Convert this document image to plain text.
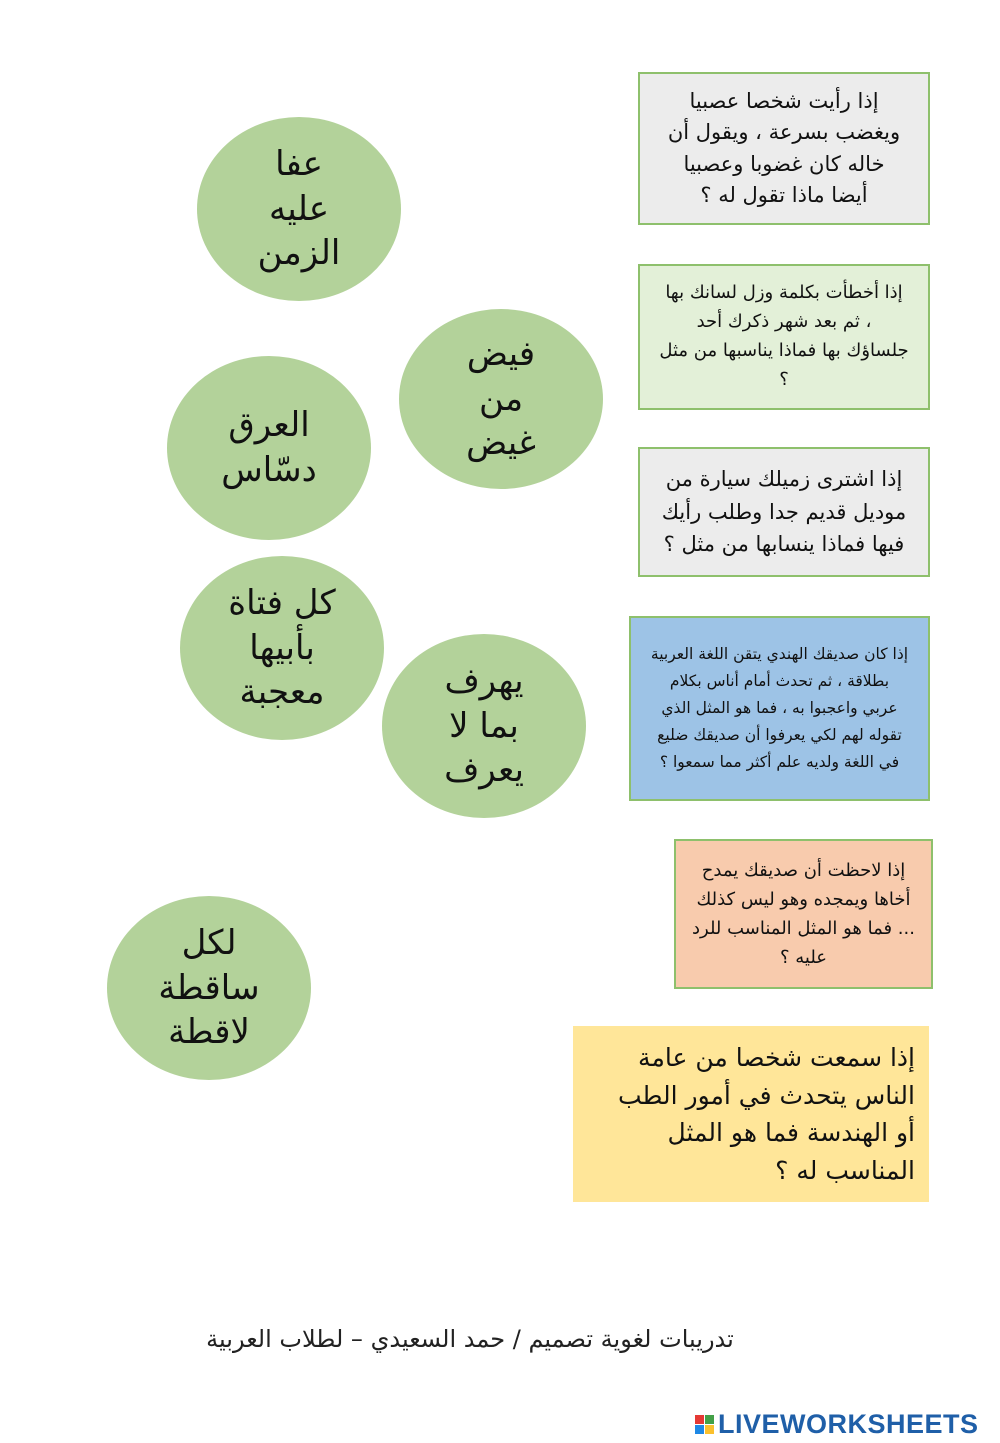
عفا
عليه
الزمن
فيض
من
غيض
العرق
دسّاس
كل فتاة
بأبيها
معجبة	يهرف
بما لا
يعرف
لكل
ساقطة
لاقطة
إذا رأيت شخصا عصبيا
ويغضب بسرعة ، ويقول أن
خاله كان غضوبا وعصبيا
أيضا ماذا تقول له ؟
إذا أخطأت بكلمة وزل لسانك بها
، ثم بعد شهر ذكرك أحد
جلساؤك بها فماذا يناسبها من مثل
؟
إذا اشترى زميلك سيارة من
موديل قديم جدا وطلب رأيك
فيها فماذا ينسابها من مثل ؟
إذا كان صديقك الهندي يتقن اللغة العربية
بطلاقة ، ثم تحدث أمام أناس بكلام
عربي واعجبوا به ، فما هو المثل الذي
تقوله لهم لكي يعرفوا أن صديقك ضليع
في اللغة ولديه علم أكثر مما سمعوا ؟
إذا لاحظت أن صديقك يمدح
أخاها ويمجده وهو ليس كذلك
... فما هو المثل المناسب للرد
عليه ؟
إذا سمعت شخصا من عامة
الناس يتحدث في أمور الطب
أو الهندسة فما هو المثل
المناسب له ؟
تدريبات لغوية تصميم / حمد السعيدي – لطلاب العربية
LIVEWORKSHEETS
